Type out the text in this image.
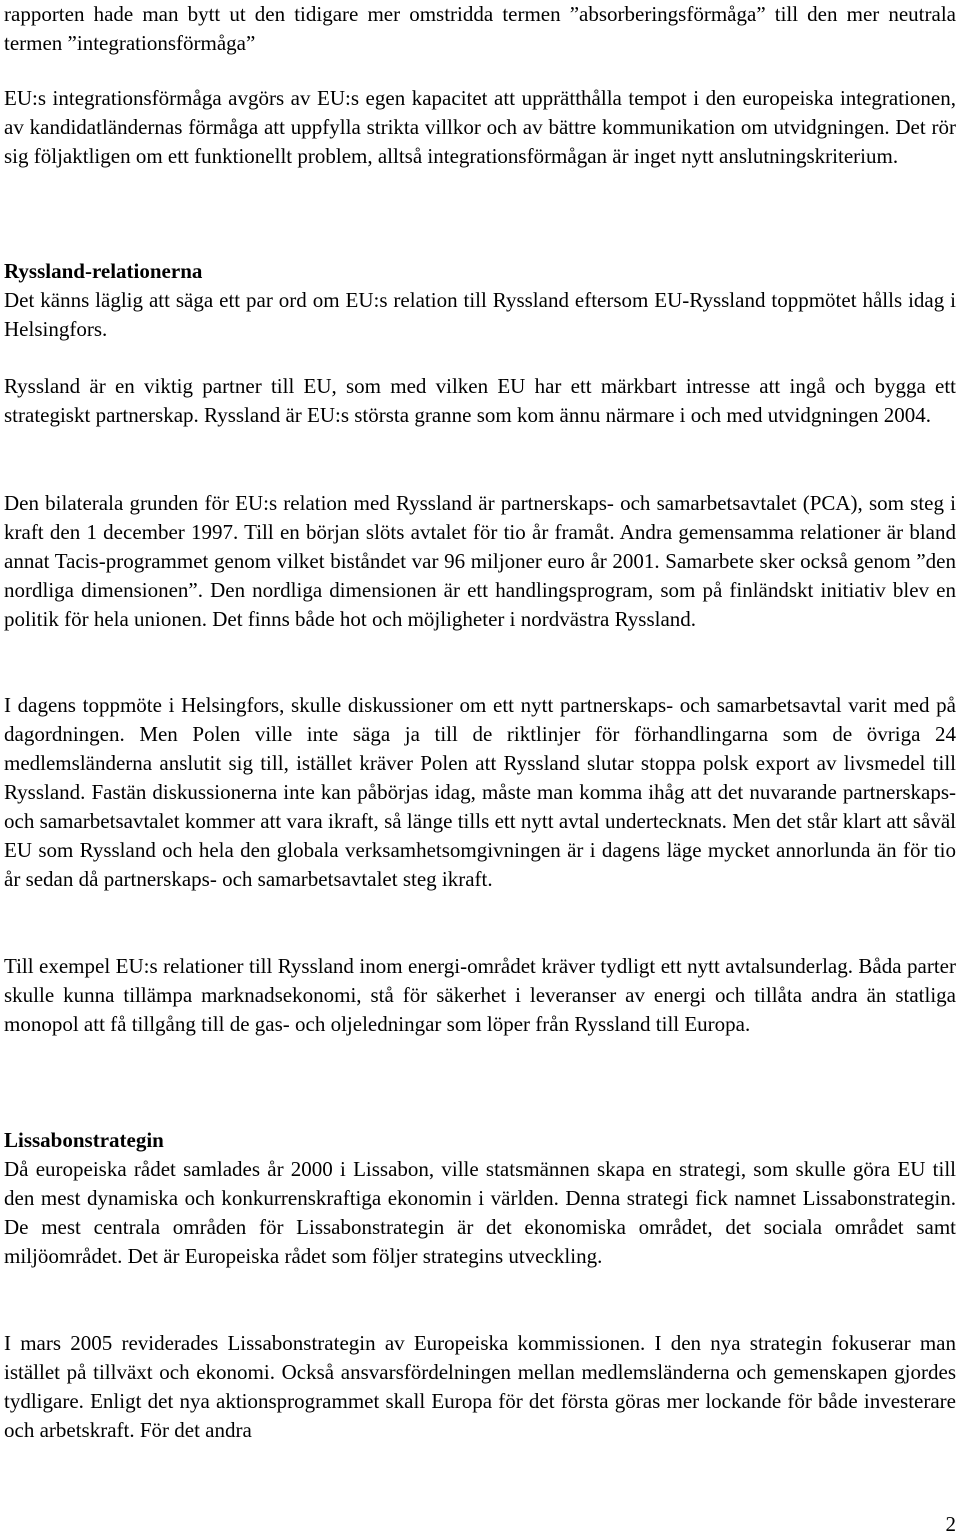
rapporten hade man bytt ut den tidigare mer omstridda termen ”absorberingsförmåga” till den mer neutrala termen ”integrationsförmåga”

EU:s integrationsförmåga avgörs av EU:s egen kapacitet att upprätthålla tempot i den europeiska integrationen, av kandidatländernas förmåga att uppfylla strikta villkor och av bättre kommunikation om utvidgningen. Det rör sig följaktligen om ett funktionellt problem, alltså integrationsförmågan är inget nytt anslutningskriterium.

Ryssland-relationerna

Det känns läglig att säga ett par ord om EU:s relation till Ryssland eftersom EU-Ryssland toppmötet hålls idag i Helsingfors.

Ryssland är en viktig partner till EU, som med vilken EU har ett märkbart intresse att ingå och bygga ett strategiskt partnerskap. Ryssland är EU:s största granne som kom ännu närmare i och med utvidgningen 2004.

Den bilaterala grunden för EU:s relation med Ryssland är partnerskaps- och samarbetsavtalet (PCA), som steg i kraft den 1 december 1997. Till en början slöts avtalet för tio år framåt. Andra gemensamma relationer är bland annat Tacis-programmet genom vilket biståndet var 96 miljoner euro år 2001. Samarbete sker också genom ”den nordliga dimensionen”. Den nordliga dimensionen är ett handlingsprogram, som på finländskt initiativ blev en politik för hela unionen. Det finns både hot och möjligheter i nordvästra Ryssland.

I dagens toppmöte i Helsingfors, skulle diskussioner om ett nytt partnerskaps- och samarbetsavtal varit med på dagordningen. Men Polen ville inte säga ja till de riktlinjer för förhandlingarna som de övriga 24 medlemsländerna anslutit sig till, istället kräver Polen att Ryssland slutar stoppa polsk export av livsmedel till Ryssland. Fastän diskussionerna inte kan påbörjas idag, måste man komma ihåg att det nuvarande partnerskaps- och samarbetsavtalet kommer att vara ikraft, så länge tills ett nytt avtal undertecknats. Men det står klart att såväl EU som Ryssland och hela den globala verksamhetsomgivningen är i dagens läge mycket annorlunda än för tio år sedan då partnerskaps- och samarbetsavtalet steg ikraft.

Till exempel EU:s relationer till Ryssland inom energi-området kräver tydligt ett nytt avtalsunderlag. Båda parter skulle kunna tillämpa marknadsekonomi, stå för säkerhet i leveranser av energi och tillåta andra än statliga monopol att få tillgång till de gas- och oljeledningar som löper från Ryssland till Europa.

Lissabonstrategin

Då europeiska rådet samlades år 2000 i Lissabon, ville statsmännen skapa en strategi, som skulle göra EU till den mest dynamiska och konkurrenskraftiga ekonomin i världen. Denna strategi fick namnet Lissabonstrategin. De mest centrala områden för Lissabonstrategin är det ekonomiska området, det sociala området samt miljöområdet. Det är Europeiska rådet som följer strategins utveckling.

I mars 2005 reviderades Lissabonstrategin av Europeiska kommissionen. I den nya strategin fokuserar man istället på tillväxt och ekonomi. Också ansvarsfördelningen mellan medlemsländerna och gemenskapen gjordes tydligare. Enligt det nya aktionsprogrammet skall Europa för det första göras mer lockande för både investerare och arbetskraft. För det andra

2
